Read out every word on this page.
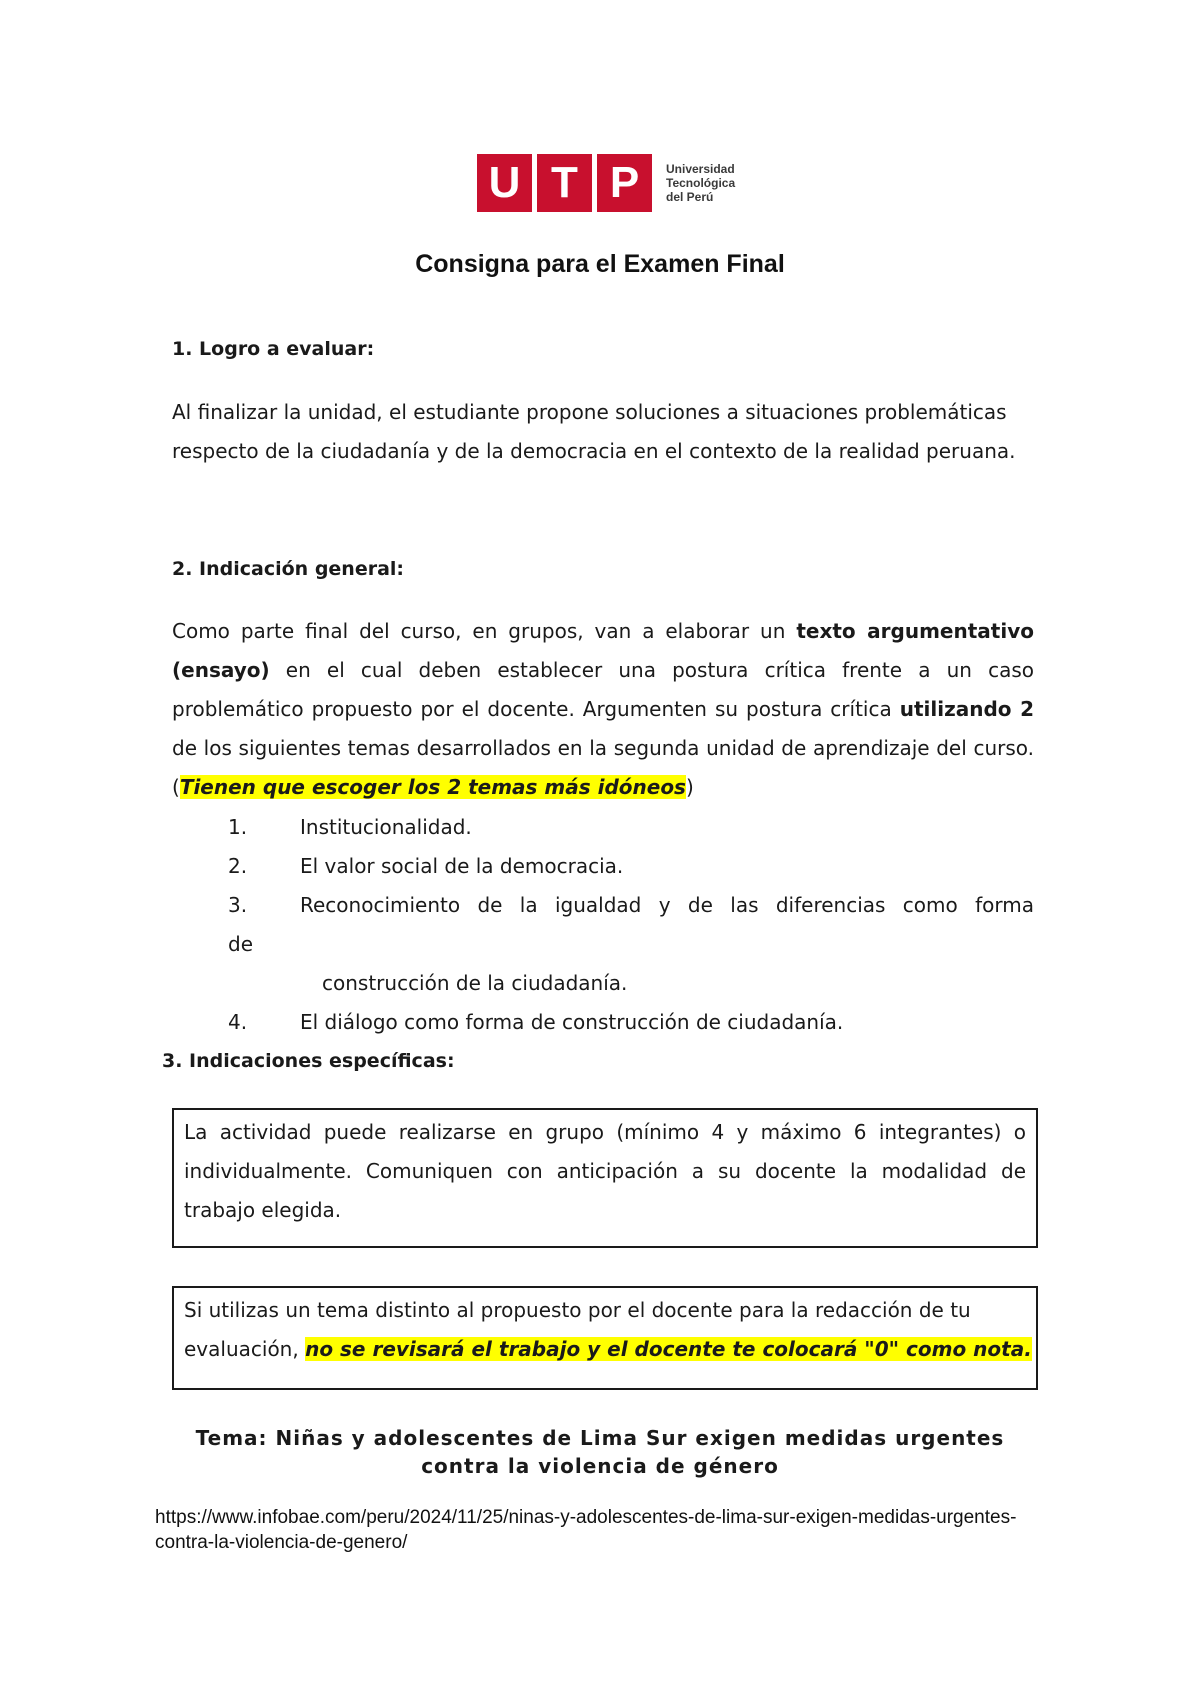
U T P	Universidad
Tecnológica
del Perú
Consigna para el Examen Final
1. Logro a evaluar:
Al finalizar la unidad, el estudiante propone soluciones a situaciones problemáticas respecto de la ciudadanía y de la democracia en el contexto de la realidad peruana.
2. Indicación general:
Como parte final del curso, en grupos, van a elaborar un texto argumentativo (ensayo) en el cual deben establecer una postura crítica frente a un caso problemático propuesto por el docente. Argumenten su postura crítica utilizando 2 de los siguientes temas desarrollados en la segunda unidad de aprendizaje del curso. (Tienen que escoger los 2 temas más idóneos)
1.	Institucionalidad.
2.	El valor social de la democracia.
3.	Reconocimiento de la igualdad y de las diferencias como forma
de
construcción de la ciudadanía.
4.	El diálogo como forma de construcción de ciudadanía.
3. Indicaciones específicas:
La actividad puede realizarse en grupo (mínimo 4 y máximo 6 integrantes) o individualmente. Comuniquen con anticipación a su docente la modalidad de trabajo elegida.
Si utilizas un tema distinto al propuesto por el docente para la redacción de tu evaluación, no se revisará el trabajo y el docente te colocará "0" como nota.
Tema: Niñas y adolescentes de Lima Sur exigen medidas urgentes
contra la violencia de género
https://www.infobae.com/peru/2024/11/25/ninas-y-adolescentes-de-lima-sur-exigen-medidas-urgentes-contra-la-violencia-de-genero/
